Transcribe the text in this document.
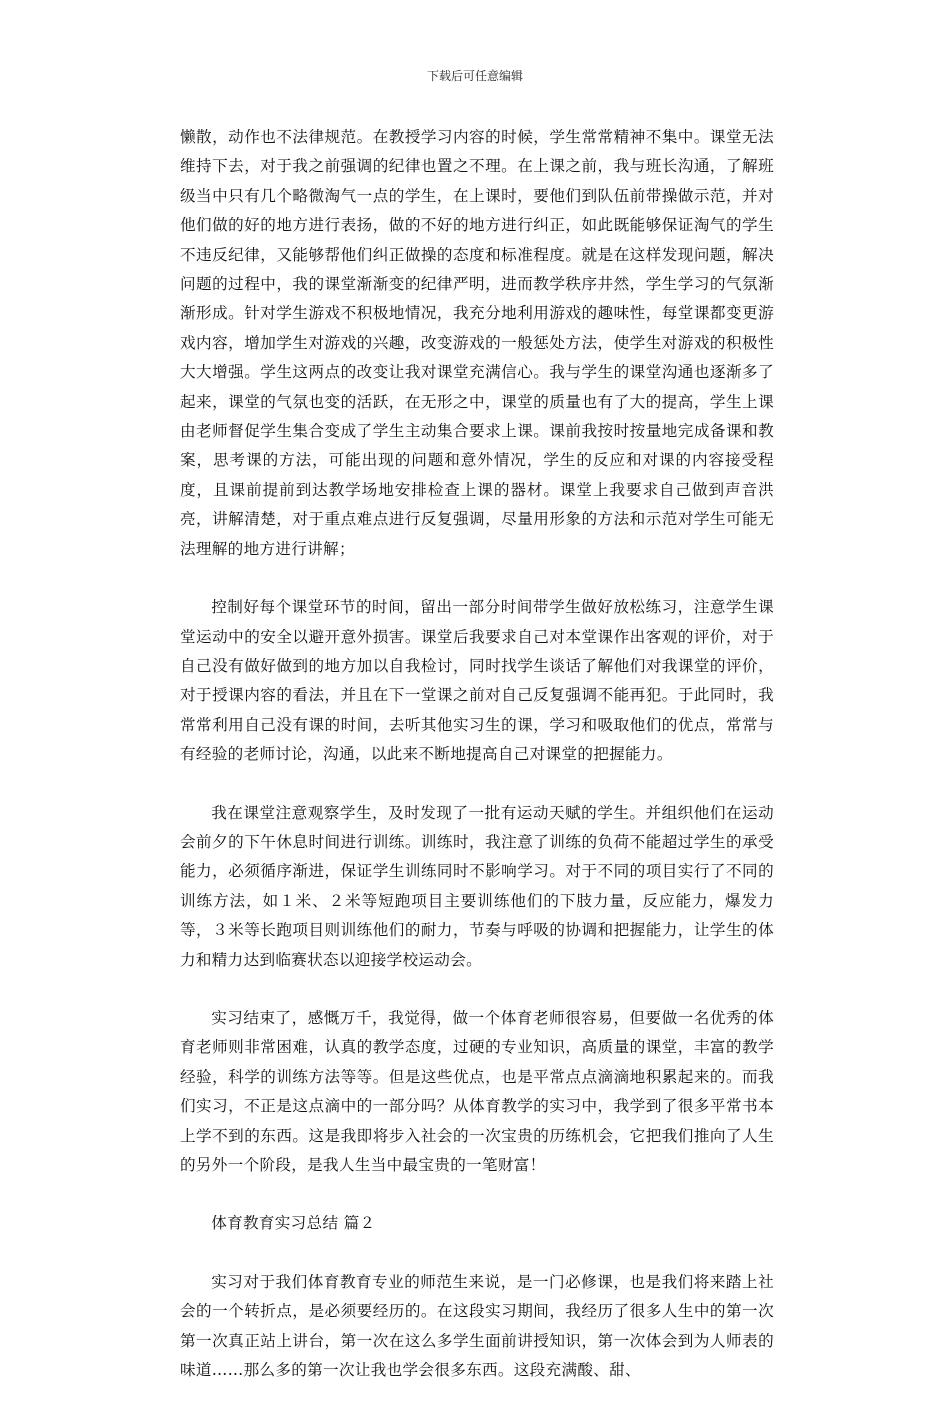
下载后可任意编辑

懒散，动作也不法律规范。在教授学习内容的时候，学生常常精神不集中。课堂无法维持下去，对于我之前强调的纪律也置之不理。在上课之前，我与班长沟通，了解班级当中只有几个略微淘气一点的学生，在上课时，要他们到队伍前带操做示范，并对他们做的好的地方进行表扬，做的不好的地方进行纠正，如此既能够保证淘气的学生不违反纪律，又能够帮他们纠正做操的态度和标准程度。就是在这样发现问题，解决问题的过程中，我的课堂渐渐变的纪律严明，进而教学秩序井然，学生学习的气氛渐渐形成。针对学生游戏不积极地情况，我充分地利用游戏的趣味性，每堂课都变更游戏内容，增加学生对游戏的兴趣，改变游戏的一般惩处方法，使学生对游戏的积极性大大增强。学生这两点的改变让我对课堂充满信心。我与学生的课堂沟通也逐渐多了起来，课堂的气氛也变的活跃，在无形之中，课堂的质量也有了大的提高，学生上课由老师督促学生集合变成了学生主动集合要求上课。课前我按时按量地完成备课和教案，思考课的方法，可能出现的问题和意外情况，学生的反应和对课的内容接受程度，且课前提前到达教学场地安排检查上课的器材。课堂上我要求自己做到声音洪亮，讲解清楚，对于重点难点进行反复强调，尽量用形象的方法和示范对学生可能无法理解的地方进行讲解；

控制好每个课堂环节的时间，留出一部分时间带学生做好放松练习，注意学生课堂运动中的安全以避开意外损害。课堂后我要求自己对本堂课作出客观的评价，对于自己没有做好做到的地方加以自我检讨，同时找学生谈话了解他们对我课堂的评价，对于授课内容的看法，并且在下一堂课之前对自己反复强调不能再犯。于此同时，我常常利用自己没有课的时间，去听其他实习生的课，学习和吸取他们的优点，常常与有经验的老师讨论，沟通，以此来不断地提高自己对课堂的把握能力。

我在课堂注意观察学生，及时发现了一批有运动天赋的学生。并组织他们在运动会前夕的下午休息时间进行训练。训练时，我注意了训练的负荷不能超过学生的承受能力，必须循序渐进，保证学生训练同时不影响学习。对于不同的项目实行了不同的训练方法，如１米、２米等短跑项目主要训练他们的下肢力量，反应能力，爆发力等，３米等长跑项目则训练他们的耐力，节奏与呼吸的协调和把握能力，让学生的体力和精力达到临赛状态以迎接学校运动会。

实习结束了，感慨万千，我觉得，做一个体育老师很容易，但要做一名优秀的体育老师则非常困难，认真的教学态度，过硬的专业知识，高质量的课堂，丰富的教学经验，科学的训练方法等等。但是这些优点，也是平常点点滴滴地积累起来的。而我们实习，不正是这点滴中的一部分吗？从体育教学的实习中，我学到了很多平常书本上学不到的东西。这是我即将步入社会的一次宝贵的历练机会，它把我们推向了人生的另外一个阶段，是我人生当中最宝贵的一笔财富！

体育教育实习总结 篇２

实习对于我们体育教育专业的师范生来说，是一门必修课，也是我们将来踏上社会的一个转折点，是必须要经历的。在这段实习期间，我经历了很多人生中的第一次第一次真正站上讲台，第一次在这么多学生面前讲授知识，第一次体会到为人师表的味道……那么多的第一次让我也学会很多东西。这段充满酸、甜、
